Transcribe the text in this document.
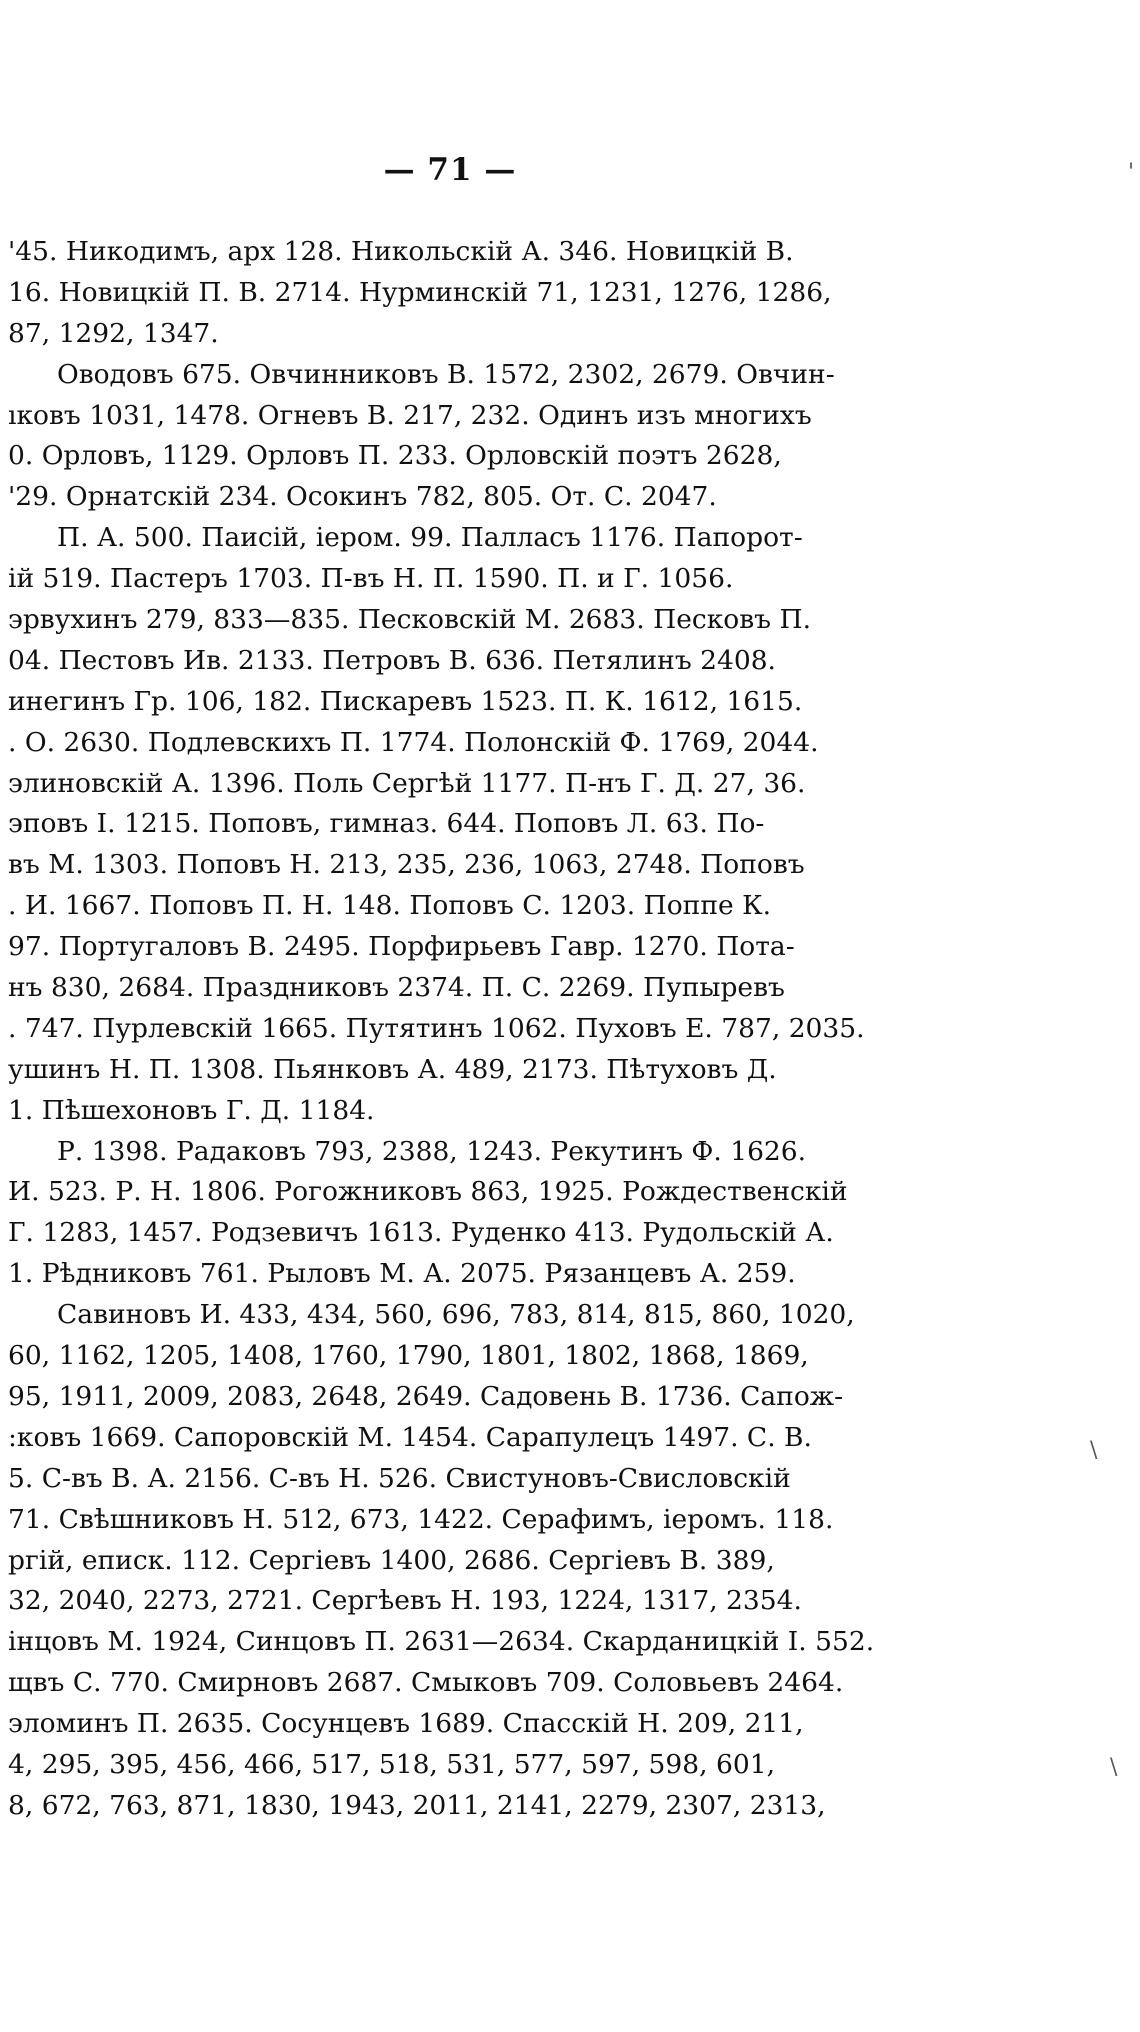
— 71 —
'45. Никодимъ, арх 128. Никольскій А. 346. Новицкій В.
16. Новицкій П. В. 2714. Нурминскій 71, 1231, 1276, 1286,
87, 1292, 1347.
Оводовъ 675. Овчинниковъ В. 1572, 2302, 2679. Овчин-
ıковъ 1031, 1478. Огневъ В. 217, 232. Одинъ изъ многихъ
0. Орловъ, 1129. Орловъ П. 233. Орловскій поэтъ 2628,
'29. Орнатскій 234. Осокинъ 782, 805. От. С. 2047.
П. А. 500. Паисій, іером. 99. Палласъ 1176. Папорот-
ій 519. Пастеръ 1703. П-въ Н. П. 1590. П. и Г. 1056.
эрвухинъ 279, 833—835. Песковскій М. 2683. Песковъ П.
04. Пестовъ Ив. 2133. Петровъ В. 636. Петялинъ 2408.
инегинъ Гр. 106, 182. Пискаревъ 1523. П. К. 1612, 1615.
. О. 2630. Подлевскихъ П. 1774. Полонскій Ф. 1769, 2044.
элиновскій А. 1396. Поль Сергѣй 1177. П-нъ Г. Д. 27, 36.
эповъ І. 1215. Поповъ, гимназ. 644. Поповъ Л. 63. По-
въ М. 1303. Поповъ Н. 213, 235, 236, 1063, 2748. Поповъ
. И. 1667. Поповъ П. Н. 148. Поповъ С. 1203. Поппе К.
97. Португаловъ В. 2495. Порфирьевъ Гавр. 1270. Пота-
нъ 830, 2684. Праздниковъ 2374. П. С. 2269. Пупыревъ
. 747. Пурлевскій 1665. Путятинъ 1062. Пуховъ Е. 787, 2035.
ушинъ Н. П. 1308. Пьянковъ А. 489, 2173. Пѣтуховъ Д.
1. Пѣшехоновъ Г. Д. 1184.
Р. 1398. Радаковъ 793, 2388, 1243. Рекутинъ Ф. 1626.
И. 523. Р. Н. 1806. Рогожниковъ 863, 1925. Рождественскій
Г. 1283, 1457. Родзевичъ 1613. Руденко 413. Рудольскій А.
1. Рѣдниковъ 761. Рыловъ М. А. 2075. Рязанцевъ А. 259.
Савиновъ И. 433, 434, 560, 696, 783, 814, 815, 860, 1020,
60, 1162, 1205, 1408, 1760, 1790, 1801, 1802, 1868, 1869,
95, 1911, 2009, 2083, 2648, 2649. Садовень В. 1736. Сапож-
:ковъ 1669. Сапоровскій М. 1454. Сарапулецъ 1497. С. В.
5. С-въ В. А. 2156. С-въ Н. 526. Свистуновъ-Свисловскій
71. Свѣшниковъ Н. 512, 673, 1422. Серафимъ, іеромъ. 118.
ргій, еписк. 112. Сергіевъ 1400, 2686. Сергіевъ В. 389,
32, 2040, 2273, 2721. Сергѣевъ Н. 193, 1224, 1317, 2354.
інцовъ М. 1924, Синцовъ П. 2631—2634. Скарданицкій І. 552.
щвъ С. 770. Смирновъ 2687. Смыковъ 709. Соловьевъ 2464.
эломинъ П. 2635. Сосунцевъ 1689. Спасскій Н. 209, 211,
4, 295, 395, 456, 466, 517, 518, 531, 577, 597, 598, 601,
8, 672, 763, 871, 1830, 1943, 2011, 2141, 2279, 2307, 2313,
'
\
\
